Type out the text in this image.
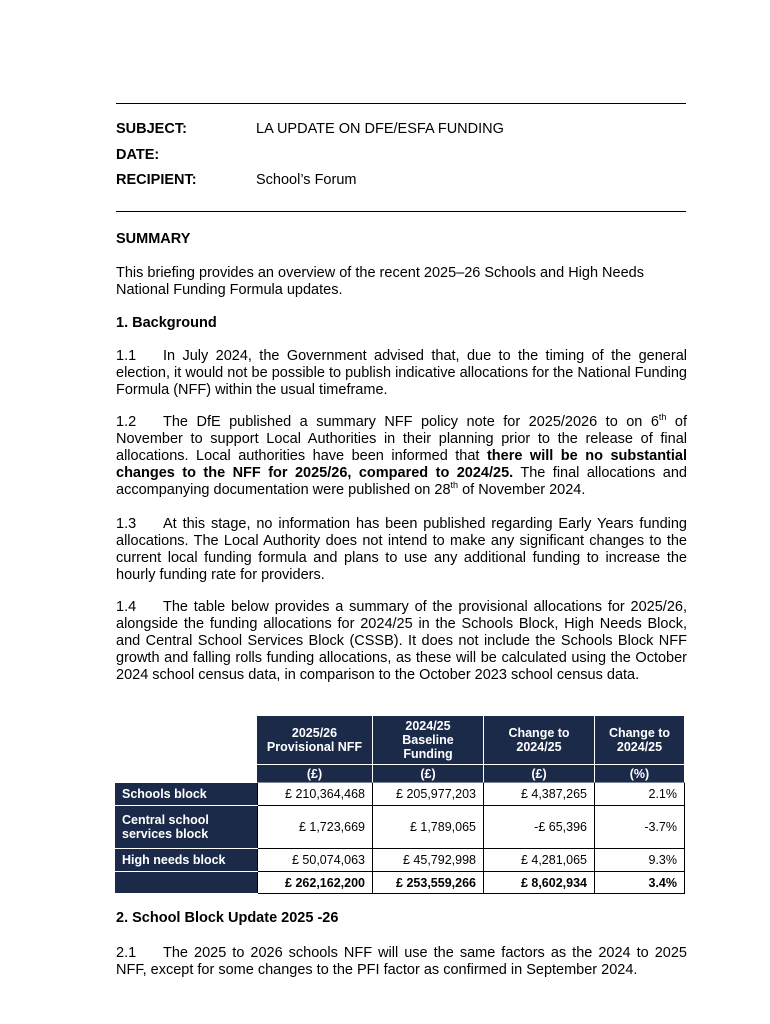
SUBJECT:	LA UPDATE ON DFE/ESFA FUNDING
DATE:
RECIPIENT:	School’s Forum
SUMMARY
This briefing provides an overview of the recent 2025–26 Schools and High Needs National Funding Formula updates.
1. Background
1.1 In July 2024, the Government advised that, due to the timing of the general election, it would not be possible to publish indicative allocations for the National Funding Formula (NFF) within the usual timeframe.
1.2 The DfE published a summary NFF policy note for 2025/2026 to on 6th of November to support Local Authorities in their planning prior to the release of final allocations. Local authorities have been informed that there will be no substantial changes to the NFF for 2025/26, compared to 2024/25. The final allocations and accompanying documentation were published on 28th of November 2024.
1.3 At this stage, no information has been published regarding Early Years funding allocations. The Local Authority does not intend to make any significant changes to the current local funding formula and plans to use any additional funding to increase the hourly funding rate for providers.
1.4 The table below provides a summary of the provisional allocations for 2025/26, alongside the funding allocations for 2024/25 in the Schools Block, High Needs Block, and Central School Services Block (CSSB). It does not include the Schools Block NFF growth and falling rolls funding allocations, as these will be calculated using the October 2024 school census data, in comparison to the October 2023 school census data.
	2025/26
Provisional NFF	2024/25
Baseline
Funding	Change to
2024/25	Change to
2024/25
	(£)	(£)	(£)	(%)
Schools block	£ 210,364,468	£ 205,977,203	£ 4,387,265	2.1%
Central school
services block	£ 1,723,669	£ 1,789,065	-£ 65,396	-3.7%
High needs block	£ 50,074,063	£ 45,792,998	£ 4,281,065	9.3%
	£ 262,162,200	£ 253,559,266	£ 8,602,934	3.4%
2. School Block Update 2025 -26
2.1 The 2025 to 2026 schools NFF will use the same factors as the 2024 to 2025 NFF, except for some changes to the PFI factor as confirmed in September 2024.
